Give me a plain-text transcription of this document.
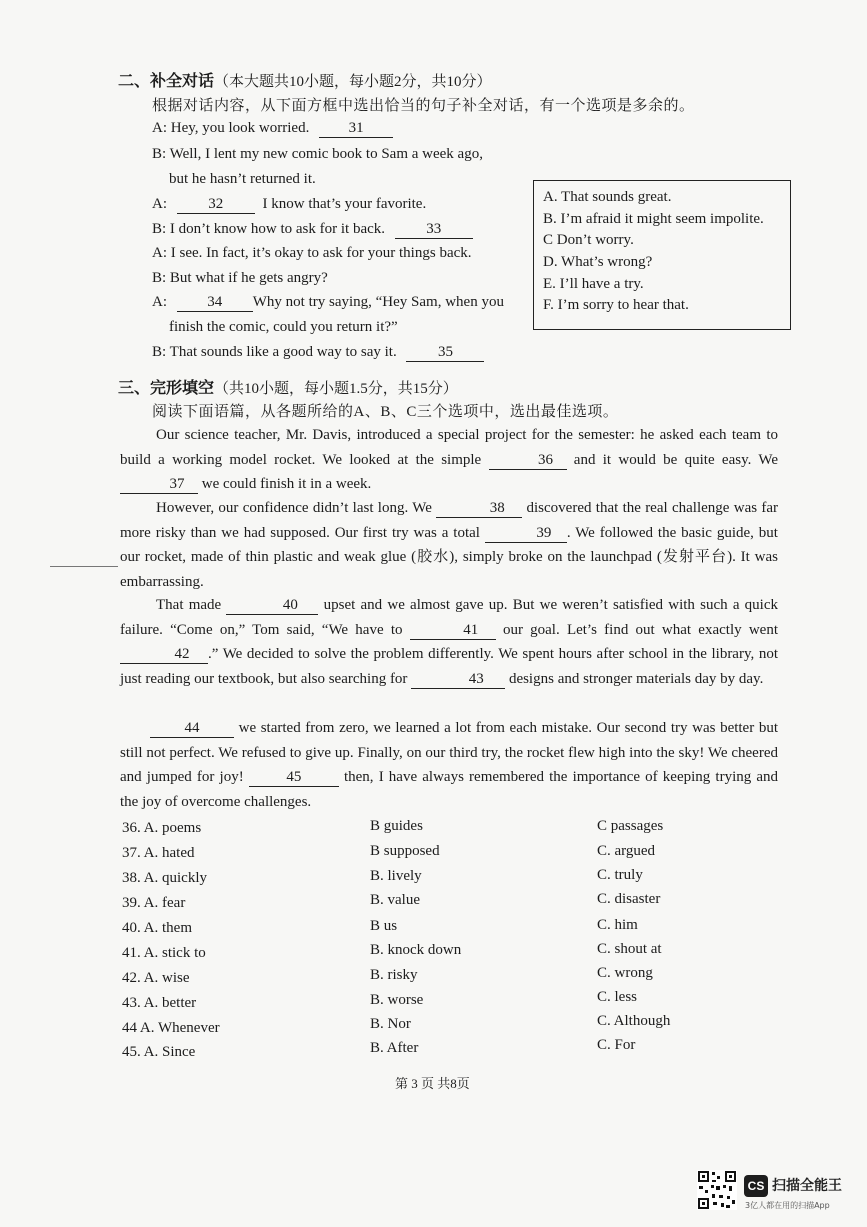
二、补全对话（本大题共10小题，每小题2分，共10分）
根据对话内容，从下面方框中选出恰当的句子补全对话，有一个选项是多余的。
A: Hey, you look worried.	31
B: Well, I lent my new comic book to Sam a week ago,
but he hasn’t returned it.
A:	32	I know that’s your favorite.
B: I don’t know how to ask for it back.	33
A: I see. In fact, it’s okay to ask for your things back.
B: But what if he gets angry?
A:	34 Why not try saying, “Hey Sam, when you
finish the comic, could you return it?”
B: That sounds like a good way to say it.	35
A. That sounds great.
B. I’m afraid it might seem impolite.
C Don’t worry.
D. What’s wrong?
E. I’ll have a try.
F. I’m sorry to hear that.
三、完形填空（共10小题，每小题1.5分，共15分）
阅读下面语篇，从各题所给的A、B、C三个选项中，选出最佳选项。
Our science teacher, Mr. Davis, introduced a special project for the semester: he asked each team to build a working model rocket. We looked at the simple	36 and it would be quite easy. We 37 we could finish it in a week.
However, our confidence didn’t last long. We	38 discovered that the real challenge was far more risky than we had supposed. Our first try was a total	39 . We followed the basic guide, but our rocket, made of thin plastic and weak glue (胶水), simply broke on the launchpad (发射平台). It was embarrassing.
That made	40 upset and we almost gave up. But we weren’t satisfied with such a quick failure. “Come on,” Tom said, “We have to	41 our goal. Let’s find out what exactly went 42 .” We decided to solve the problem differently. We spent hours after school in the library, not just reading our textbook, but also searching for	43 designs and stronger materials day by day.
44	we started from zero, we learned a lot from each mistake. Our second try was better but still not perfect. We refused to give up. Finally, on our third try, the rocket flew high into the sky! We cheered and jumped for joy!	45	then, I have always remembered the importance of keeping trying and the joy of overcome challenges.
36. A. poems	B guides	C passages
37. A. hated	B supposed	C. argued
38. A. quickly	B. lively	C. truly
39. A. fear	B. value	C. disaster
40. A. them	B us	C. him
41. A. stick to	B. knock down	C. shout at
42. A. wise	B. risky	C. wrong
43. A. better	B. worse	C. less
44 A. Whenever	B. Nor	C. Although
45. A. Since	B. After	C. For
第 3 页 共8页
CS 扫描全能王
3亿人都在用的扫描App
